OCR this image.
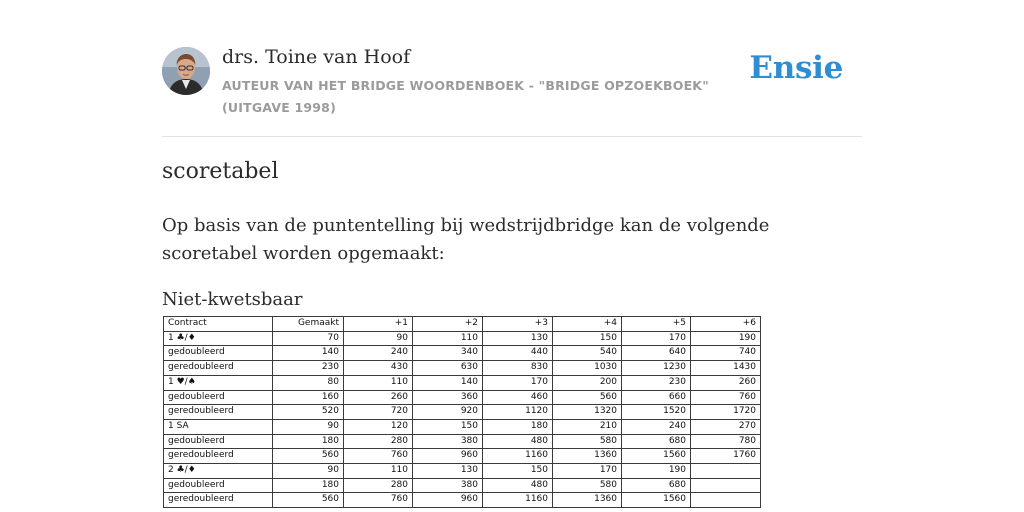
drs. Toine van Hoof
AUTEUR VAN HET BRIDGE WOORDENBOEK - "BRIDGE OPZOEKBOEK" (UITGAVE 1998)
Ensie
scoretabel

Op basis van de puntentelling bij wedstrijdbridge kan de volgende scoretabel worden opgemaakt:

Niet-kwetsbaar
Contract	Gemaakt	+1	+2	+3	+4	+5	+6
1 ♣/♦	70	90	110	130	150	170	190
gedoubleerd	140	240	340	440	540	640	740
geredoubleerd	230	430	630	830	1030	1230	1430
1 ♥/♠	80	110	140	170	200	230	260
gedoubleerd	160	260	360	460	560	660	760
geredoubleerd	520	720	920	1120	1320	1520	1720
1 SA	90	120	150	180	210	240	270
gedoubleerd	180	280	380	480	580	680	780
geredoubleerd	560	760	960	1160	1360	1560	1760
2 ♣/♦	90	110	130	150	170	190	
gedoubleerd	180	280	380	480	580	680	
geredoubleerd	560	760	960	1160	1360	1560	
